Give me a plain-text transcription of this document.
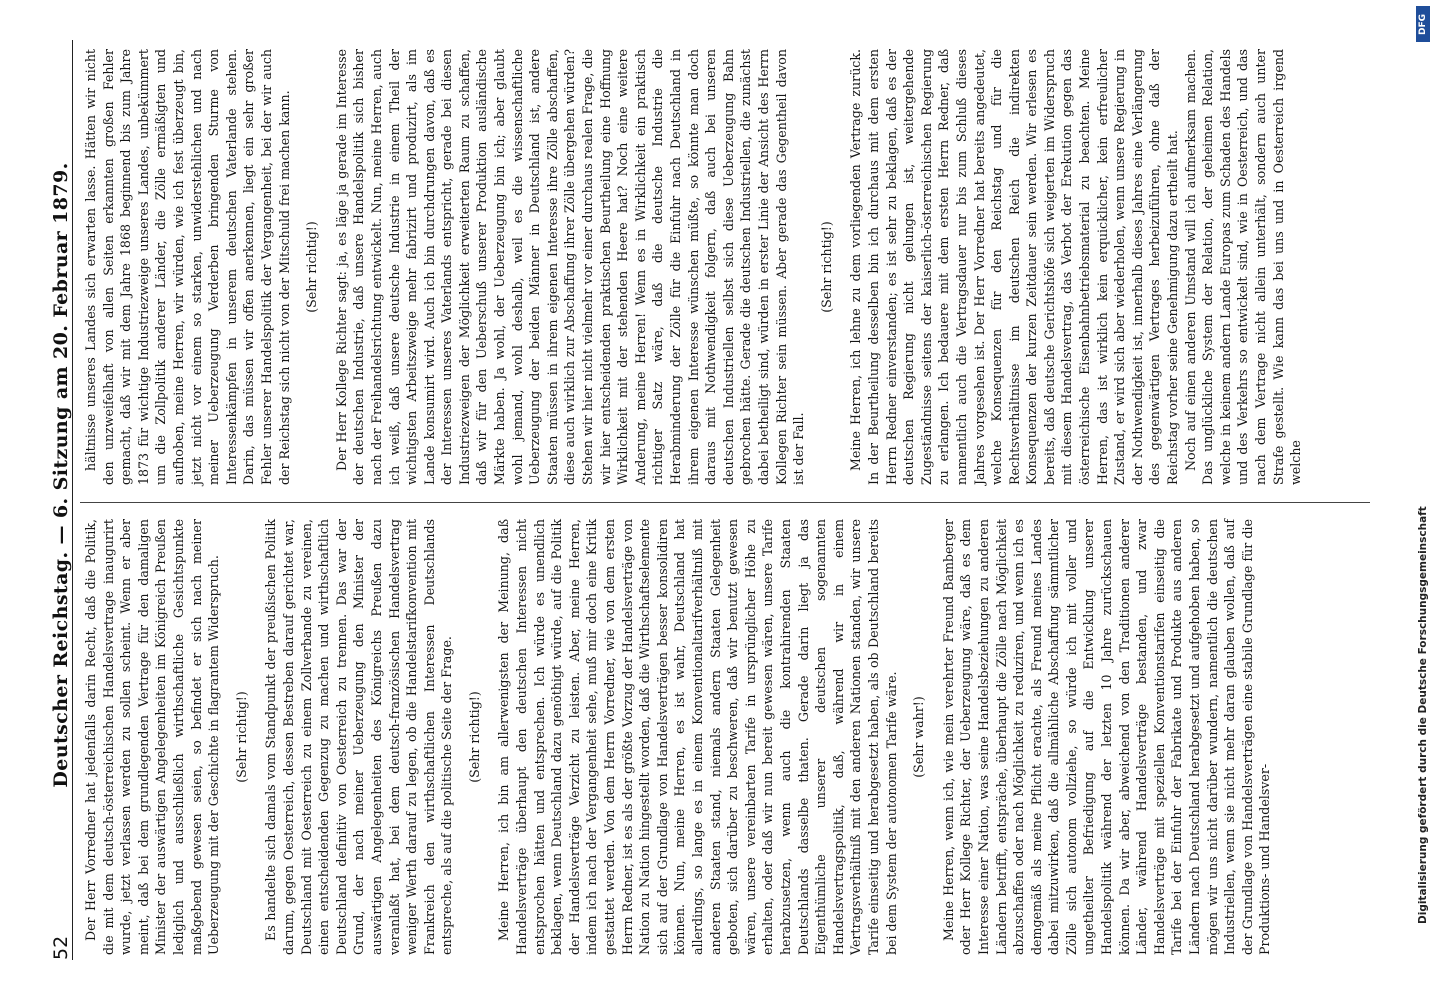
52
Deutscher Reichstag. — 6. Sitzung am 20. Februar 1879. Der Herr Vorredner hat jedenfalls darin Recht, daß die Politik, die mit dem deutsch-österreichischen Handelsvertrage inaugurirt wurde, jetzt verlassen werden zu sollen scheint. Wenn er aber meint, daß bei dem grundlegenden Vertrage für den damaligen Minister der auswärtigen Angelegenheiten im Königreich Preußen lediglich und ausschließlich wirthschaftliche Gesichtspunkte maßgebend gewesen seien, so befindet er sich nach meiner Ueberzeugung mit der Geschichte in flagrantem Widerspruch. (Sehr richtig!) Es handelte sich damals vom Standpunkt der preußischen Politik darum, gegen Oesterreich, dessen Bestreben darauf gerichtet war, Deutschland mit Oesterreich zu einem Zollverbande zu vereinen, einen entscheidenden Gegenzug zu machen und wirthschaftlich Deutschland definitiv von Oesterreich zu trennen. Das war der Grund, der nach meiner Ueberzeugung den Minister der auswärtigen Angelegenheiten des Königreichs Preußen dazu veranlaßt hat, bei dem deutsch-französischen Handelsvertrag weniger Werth darauf zu legen, ob die Handelstarifkonvention mit Frankreich den wirthschaftlichen Interessen Deutschlands entspreche, als auf die politische Seite der Frage. (Sehr richtig!) Meine Herren, ich bin am allerwenigsten der Meinung, daß Handelsverträge überhaupt den deutschen Interessen nicht entsprochen hätten und entsprechen. Ich würde es unendlich beklagen, wenn Deutschland dazu genöthigt würde, auf die Politik der Handelsverträge Verzicht zu leisten. Aber, meine Herren, indem ich nach der Vergangenheit sehe, muß mir doch eine Kritik gestattet werden. Von dem Herrn Vorredner, wie von dem ersten Herrn Redner, ist es als der größte Vorzug der Handelsverträge von Nation zu Nation hingestellt worden, daß die Wirthschaftselemente sich auf der Grundlage von Handelsverträgen besser konsolidiren können. Nun, meine Herren, es ist wahr, Deutschland hat allerdings, so lange es in einem Konventionaltarifverhältniß mit anderen Staaten stand, niemals andern Staaten Gelegenheit geboten, sich darüber zu beschweren, daß wir benutzt gewesen wären, unsere vereinbarten Tarife in ursprünglicher Höhe zu erhalten, oder daß wir nun bereit gewesen wären, unsere Tarife herabzusetzen, wenn auch die kontrahirenden Staaten Deutschlands dasselbe thaten. Gerade darin liegt ja das Eigenthümliche unserer deutschen sogenannten Handelsvertragspolitik, daß, während wir in einem Vertragsverhältniß mit den anderen Nationen standen, wir unsere Tarife einseitig und herabgesetzt haben, als ob Deutschland bereits bei dem System der autonomen Tarife wäre. (Sehr wahr!) Meine Herren, wenn ich, wie mein verehrter Freund Bamberger oder Herr Kollege Richter, der Ueberzeugung wäre, daß es dem Interesse einer Nation, was seine Handelsbeziehungen zu anderen Ländern betrifft, entspräche, überhaupt die Zölle nach Möglichkeit abzuschaffen oder nach Möglichkeit zu reduziren, und wenn ich es demgemäß als meine Pflicht erachte, als Freund meines Landes dabei mitzuwirken, daß die allmähliche Abschaffung sämmtlicher Zölle sich autonom vollziehe, so würde ich mit voller und ungetheilter Befriedigung auf die Entwicklung unserer Handelspolitik während der letzten 10 Jahre zurückschauen können. Da wir aber, abweichend von den Traditionen anderer Länder, während Handelsverträge bestanden, und zwar Handelsverträge mit speziellen Konventionstarifen einseitig die Tarife bei der Einfuhr der Fabrikate und Produkte aus anderen Ländern nach Deutschland herabgesetzt und aufgehoben haben, so mögen wir uns nicht darüber wundern, namentlich die deutschen Industriellen, wenn sie nicht mehr daran glauben wollen, daß auf der Grundlage von Handelsverträgen eine stabile Grundlage für die Produktions- und Handelsver-

hältnisse unseres Landes sich erwarten lasse. Hätten wir nicht den unzweifelhaft von allen Seiten erkannten großen Fehler gemacht, daß wir mit dem Jahre 1868 beginnend bis zum Jahre 1873 für wichtige Industriezweige unseres Landes, unbekümmert um die Zollpolitik anderer Länder, die Zölle ermäßigten und aufhoben, meine Herren, wir würden, wie ich fest überzeugt bin, jetzt nicht vor einem so starken, unwiderstehlichen und nach meiner Ueberzeugung Verderben bringenden Sturme von Interessenkämpfen in unserem deutschen Vaterlande stehen. Darin, das müssen wir offen anerkennen, liegt ein sehr großer Fehler unserer Handelspolitik der Vergangenheit, bei der wir auch der Reichstag sich nicht von der Mitschuld frei machen kann. (Sehr richtig!) Der Herr Kollege Richter sagt: ja, es läge ja gerade im Interesse der deutschen Industrie, daß unsere Handelspolitik sich bisher nach der Freihandelsrichtung entwickelt. Nun, meine Herren, auch ich weiß, daß unsere deutsche Industrie in einem Theil der wichtigsten Arbeitszweige mehr fabrizirt und produzirt, als im Lande konsumirt wird. Auch ich bin durchdrungen davon, daß es der Interessen unseres Vaterlands entspricht, gerade bei diesen Industriezweigen der Möglichkeit erweiterten Raum zu schaffen, daß wir für den Ueberschuß unserer Produktion ausländische Märkte haben. Ja wohl, der Ueberzeugung bin ich; aber glaubt wohl jemand, wohl deshalb, weil es die wissenschaftliche Ueberzeugung der beiden Männer in Deutschland ist, andere Staaten müssen in ihrem eigenen Interesse ihre Zölle abschaffen, diese auch wirklich zur Abschaffung ihrer Zölle übergehen würden? Stehen wir hier nicht vielmehr vor einer durchaus realen Frage, die wir hier entscheidenden praktischen Beurtheilung eine Hoffnung Wirklichkeit mit der stehenden Heere hat? Noch eine weitere Anderung, meine Herren! Wenn es in Wirklichkeit ein praktisch richtiger Satz wäre, daß die deutsche Industrie die Herabminderung der Zölle für die Einfuhr nach Deutschland in ihrem eigenen Interesse wünschen müßte, so könnte man doch daraus mit Nothwendigkeit folgern, daß auch bei unseren deutschen Industriellen selbst sich diese Ueberzeugung Bahn gebrochen hätte. Gerade die deutschen Industriellen, die zunächst dabei betheiligt sind, würden in erster Linie der Ansicht des Herrn Kollegen Richter sein müssen. Aber gerade das Gegentheil davon ist der Fall.

(Sehr richtig!) Meine Herren, ich lehne zu dem vorliegenden Vertrage zurück. In der Beurtheilung desselben bin ich durchaus mit dem ersten Herrn Redner einverstanden; es ist sehr zu beklagen, daß es der deutschen Regierung nicht gelungen ist, weitergehende Zugeständnisse seitens der kaiserlich-österreichischen Regierung zu erlangen. Ich bedauere mit dem ersten Herrn Redner, daß namentlich auch die Vertragsdauer nur bis zum Schluß dieses Jahres vorgesehen ist. Der Herr Vorredner hat bereits angedeutet, welche Konsequenzen für den Reichstag und für die Rechtsverhältnisse im deutschen Reich die indirekten Konsequenzen der kurzen Zeitdauer sein werden. Wir erlesen es bereits, daß deutsche Gerichtshöfe sich weigerten im Widerspruch mit diesem Handelsvertrag, das Verbot der Erekution gegen das österreichische Eisenbahnbetriebsmaterial zu beachten. Meine Herren, das ist wirklich kein erquicklicher, kein erfreulicher Zustand, er wird sich aber wiederholen, wenn unsere Regierung in der Nothwendigkeit ist, innerhalb dieses Jahres eine Verlängerung des gegenwärtigen Vertrages herbeizuführen, ohne daß der Reichstag vorher seine Genehmigung dazu ertheilt hat. Noch auf einen anderen Umstand will ich aufmerksam machen. Das unglückliche System der Relation, der geheimen Relation, welche in keinem andern Lande Europas zum Schaden des Handels und des Verkehrs so entwickelt sind, wie in Oesterreich, und das nach dem Vertrage nicht allein unterhält, sondern auch unter Strafe gestellt. Wie kann das bei uns und in Oesterreich irgend welche

DFG
Digitalisierung gefördert durch die Deutsche Forschungsgemeinschaft
